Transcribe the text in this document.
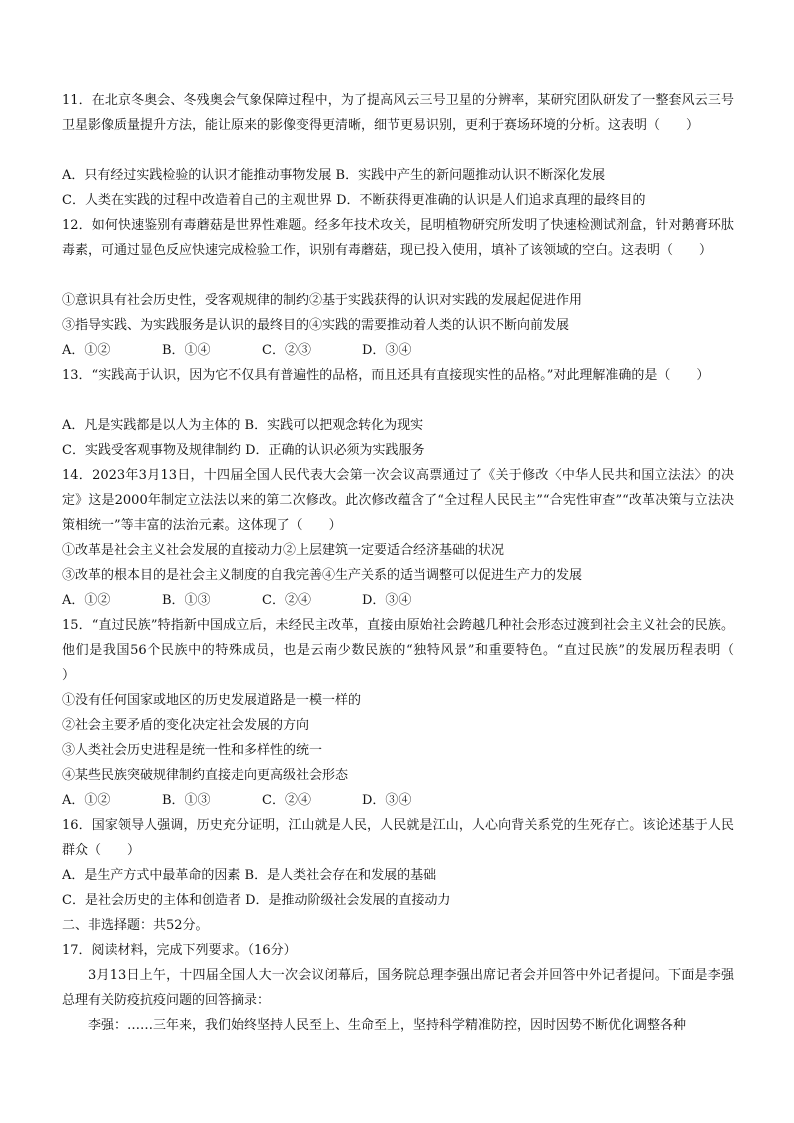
11．在北京冬奥会、冬残奥会气象保障过程中，为了提高风云三号卫星的分辨率，某研究团队研发了一整套风云三号卫星影像质量提升方法，能让原来的影像变得更清晰，细节更易识别，更利于赛场环境的分析。这表明（　　）
A．只有经过实践检验的认识才能推动事物发展 B．实践中产生的新问题推动认识不断深化发展
C．人类在实践的过程中改造着自己的主观世界 D．不断获得更准确的认识是人们追求真理的最终目的
12．如何快速鉴别有毒蘑菇是世界性难题。经多年技术攻关，昆明植物研究所发明了快速检测试剂盒，针对鹅膏环肽毒素，可通过显色反应快速完成检验工作，识别有毒蘑菇，现已投入使用，填补了该领域的空白。这表明（　　）
①意识具有社会历史性，受客观规律的制约②基于实践获得的认识对实践的发展起促进作用
③指导实践、为实践服务是认识的最终目的④实践的需要推动着人类的认识不断向前发展
A．①②	B．①④	C．②③	D．③④
13．“实践高于认识，因为它不仅具有普遍性的品格，而且还具有直接现实性的品格。”对此理解准确的是（　　）
A．凡是实践都是以人为主体的 B．实践可以把观念转化为现实
C．实践受客观事物及规律制约 D．正确的认识必须为实践服务
14．2023年3月13日，十四届全国人民代表大会第一次会议高票通过了《关于修改〈中华人民共和国立法法〉的决定》这是2000年制定立法法以来的第二次修改。此次修改蕴含了“全过程人民民主”“合宪性审查”“改革决策与立法决策相统一”等丰富的法治元素。这体现了（　　）
①改革是社会主义社会发展的直接动力②上层建筑一定要适合经济基础的状况
③改革的根本目的是社会主义制度的自我完善④生产关系的适当调整可以促进生产力的发展
A．①②	B．①③	C．②④	D．③④
15．“直过民族”特指新中国成立后，未经民主改革，直接由原始社会跨越几种社会形态过渡到社会主义社会的民族。他们是我国56个民族中的特殊成员，也是云南少数民族的“独特风景”和重要特色。“直过民族”的发展历程表明（　　）
①没有任何国家或地区的历史发展道路是一模一样的
②社会主要矛盾的变化决定社会发展的方向
③人类社会历史进程是统一性和多样性的统一
④某些民族突破规律制约直接走向更高级社会形态
A．①②	B．①③	C．②④	D．③④
16．国家领导人强调，历史充分证明，江山就是人民，人民就是江山，人心向背关系党的生死存亡。该论述基于人民群众（　　）
A．是生产方式中最革命的因素 B．是人类社会存在和发展的基础
C．是社会历史的主体和创造者 D．是推动阶级社会发展的直接动力
二、非选择题：共52分。
17．阅读材料，完成下列要求。（16分）
3月13日上午，十四届全国人大一次会议闭幕后，国务院总理李强出席记者会并回答中外记者提问。下面是李强总理有关防疫抗疫问题的回答摘录：
李强：……三年来，我们始终坚持人民至上、生命至上，坚持科学精准防控，因时因势不断优化调整各种
